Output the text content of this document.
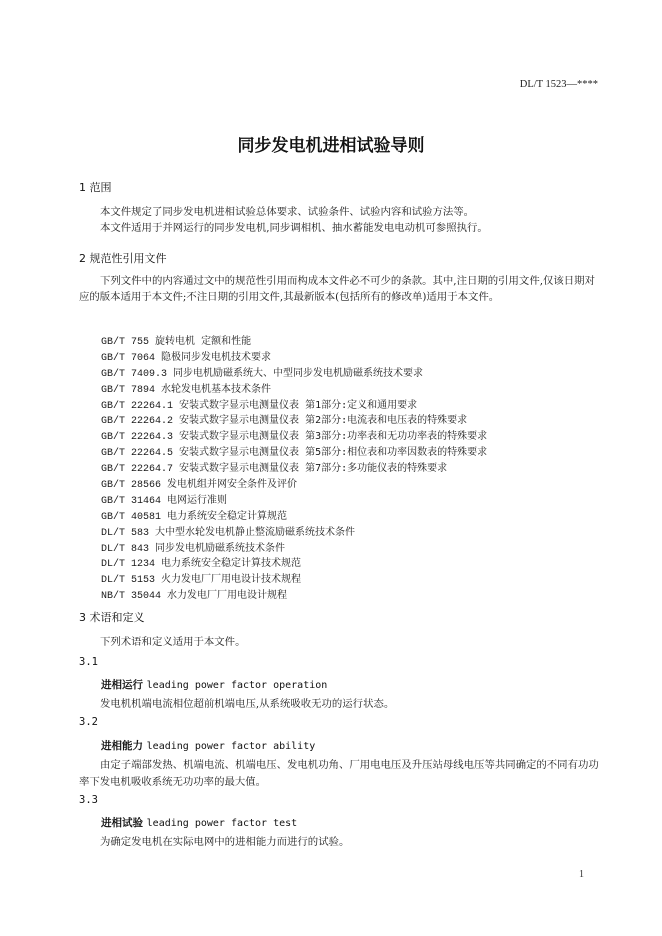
DL/T 1523—****
同步发电机进相试验导则
1 范围

本文件规定了同步发电机进相试验总体要求、试验条件、试验内容和试验方法等。

本文件适用于并网运行的同步发电机,同步调相机、抽水蓄能发电电动机可参照执行。

2 规范性引用文件

下列文件中的内容通过文中的规范性引用而构成本文件必不可少的条款。其中,注日期的引用文件,仅该日期对应的版本适用于本文件;不注日期的引用文件,其最新版本(包括所有的修改单)适用于本文件。

GB/T 755 旋转电机 定额和性能
GB/T 7064 隐极同步发电机技术要求
GB/T 7409.3 同步电机励磁系统大、中型同步发电机励磁系统技术要求
GB/T 7894 水轮发电机基本技术条件
GB/T 22264.1 安装式数字显示电测量仪表 第1部分:定义和通用要求
GB/T 22264.2 安装式数字显示电测量仪表 第2部分:电流表和电压表的特殊要求
GB/T 22264.3 安装式数字显示电测量仪表 第3部分:功率表和无功功率表的特殊要求
GB/T 22264.5 安装式数字显示电测量仪表 第5部分:相位表和功率因数表的特殊要求
GB/T 22264.7 安装式数字显示电测量仪表 第7部分:多功能仪表的特殊要求
GB/T 28566 发电机组并网安全条件及评价
GB/T 31464 电网运行准则
GB/T 40581 电力系统安全稳定计算规范
DL/T 583 大中型水轮发电机静止整流励磁系统技术条件
DL/T 843 同步发电机励磁系统技术条件
DL/T 1234 电力系统安全稳定计算技术规范
DL/T 5153 火力发电厂厂用电设计技术规程
NB/T 35044 水力发电厂厂用电设计规程
3 术语和定义

下列术语和定义适用于本文件。

3.1
进相运行 leading power factor operation

发电机机端电流相位超前机端电压,从系统吸收无功的运行状态。

3.2
进相能力 leading power factor ability

由定子端部发热、机端电流、机端电压、发电机功角、厂用电电压及升压站母线电压等共同确定的不同有功功率下发电机吸收系统无功功率的最大值。

3.3
进相试验 leading power factor test

为确定发电机在实际电网中的进相能力而进行的试验。

1
